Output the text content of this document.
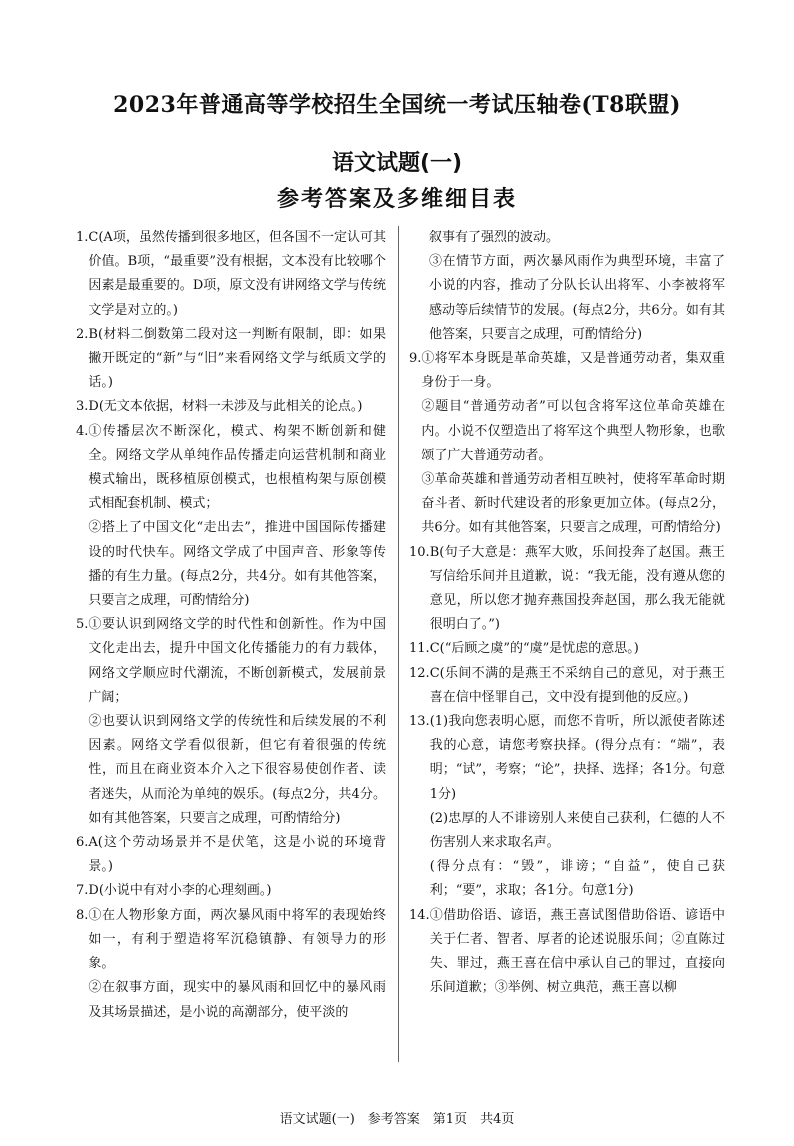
2023年普通高等学校招生全国统一考试压轴卷(T8联盟)
语文试题(一)
参考答案及多维细目表
1. C(A项，虽然传播到很多地区，但各国不一定认可其价值。B项，“最重要”没有根据，文本没有比较哪个因素是最重要的。D项，原文没有讲网络文学与传统文学是对立的。)
2. B(材料二倒数第二段对这一判断有限制，即：如果撇开既定的“新”与“旧”来看网络文学与纸质文学的话。)
3. D(无文本依据，材料一未涉及与此相关的论点。)
4. ①传播层次不断深化，模式、构架不断创新和健全。网络文学从单纯作品传播走向运营机制和商业模式输出，既移植原创模式，也根植构架与原创模式相配套机制、模式；
②搭上了中国文化“走出去”，推进中国国际传播建设的时代快车。网络文学成了中国声音、形象等传播的有生力量。(每点2分，共4分。如有其他答案，只要言之成理，可酌情给分)
5. ①要认识到网络文学的时代性和创新性。作为中国文化走出去，提升中国文化传播能力的有力载体，网络文学顺应时代潮流，不断创新模式，发展前景广阔；
②也要认识到网络文学的传统性和后续发展的不利因素。网络文学看似很新，但它有着很强的传统性，而且在商业资本介入之下很容易使创作者、读者迷失，从而沦为单纯的娱乐。(每点2分，共4分。如有其他答案，只要言之成理，可酌情给分)
6. A(这个劳动场景并不是伏笔，这是小说的环境背景。)
7. D(小说中有对小李的心理刻画。)
8. ①在人物形象方面，两次暴风雨中将军的表现始终如一，有利于塑造将军沉稳镇静、有领导力的形象。
②在叙事方面，现实中的暴风雨和回忆中的暴风雨及其场景描述，是小说的高潮部分，使平淡的
叙事有了强烈的波动。
③在情节方面，两次暴风雨作为典型环境，丰富了小说的内容，推动了分队长认出将军、小李被将军感动等后续情节的发展。(每点2分，共6分。如有其他答案，只要言之成理，可酌情给分)
9. ①将军本身既是革命英雄，又是普通劳动者，集双重身份于一身。
②题目“普通劳动者”可以包含将军这位革命英雄在内。小说不仅塑造出了将军这个典型人物形象，也歌颂了广大普通劳动者。
③革命英雄和普通劳动者相互映衬，使将军革命时期奋斗者、新时代建设者的形象更加立体。(每点2分，共6分。如有其他答案，只要言之成理，可酌情给分)
10. B(句子大意是：燕军大败，乐间投奔了赵国。燕王写信给乐间并且道歉，说：“我无能，没有遵从您的意见，所以您才抛弃燕国投奔赵国，那么我无能就很明白了。”)
11. C(“后顾之虞”的“虞”是忧虑的意思。)
12. C(乐间不满的是燕王不采纳自己的意见，对于燕王喜在信中怪罪自己，文中没有提到他的反应。)
13. (1)我向您表明心愿，而您不肯听，所以派使者陈述我的心意，请您考察抉择。(得分点有：“端”，表明；“试”，考察；“论”，抉择、选择；各1分。句意1分)
(2)忠厚的人不诽谤别人来使自己获利，仁德的人不伤害别人来求取名声。
(得分点有：“毁”，诽谤；“自益”，使自己获利；“要”，求取；各1分。句意1分)
14. ①借助俗语、谚语，燕王喜试图借助俗语、谚语中关于仁者、智者、厚者的论述说服乐间；②直陈过失、罪过，燕王喜在信中承认自己的罪过，直接向乐间道歉；③举例、树立典范，燕王喜以柳
语文试题(一)　参考答案　第1页　共4页
